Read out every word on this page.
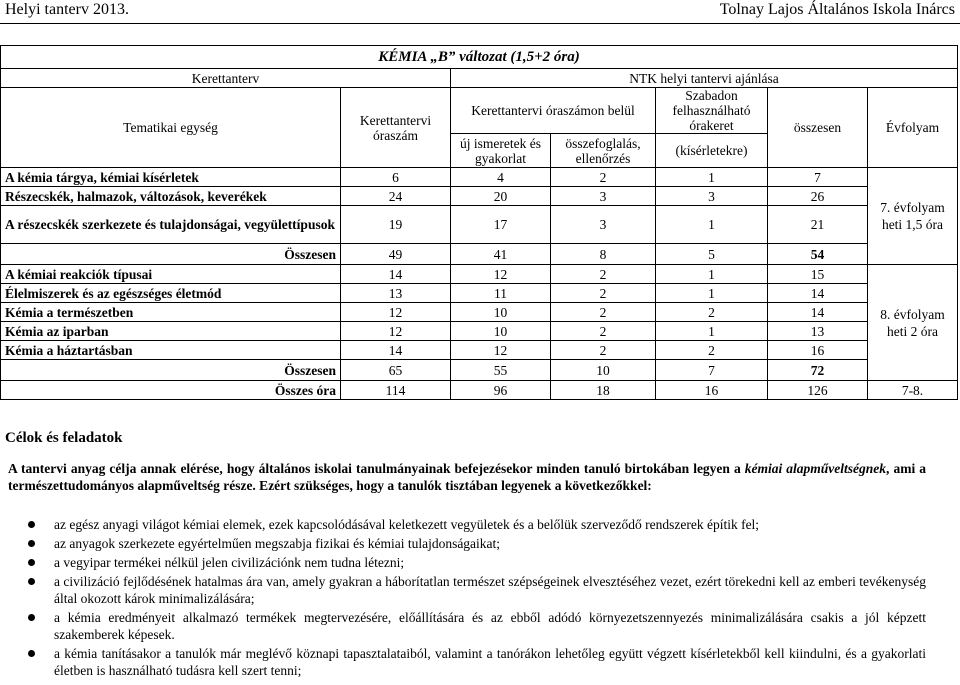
Helyi tanterv 2013.	Tolnay Lajos Általános Iskola Inárcs
KÉMIA „B” változat (1,5+2 óra)						
Kerettanterv		NTK helyi tantervi ajánlása				
Tematikai egység	Kerettantervi óraszám	Kerettantervi óraszámon belül		Szabadon felhasználható órakeret	összesen	Évfolyam
		új ismeretek és gyakorlat	összefoglalás, ellenőrzés	(kísérletekre)		

A kémia tárgya, kémiai kísérletek	6	4	2	1	7	7. évfolyam heti 1,5 óra
Részecskék, halmazok, változások, keverékek	24	20	3	3	26	
A részecskék szerkezete és tulajdonságai, vegyülettípusok	19	17	3	1	21	
Összesen	49	41	8	5	54	
A kémiai reakciók típusai	14	12	2	1	15	8. évfolyam heti 2 óra
Élelmiszerek és az egészséges életmód	13	11	2	1	14	
Kémia a természetben	12	10	2	2	14	
Kémia az iparban	12	10	2	1	13	
Kémia a háztartásban	14	12	2	2	16	
Összesen	65	55	10	7	72	
Összes óra	114	96	18	16	126	7-8.
Célok és feladatok
A tantervi anyag célja annak elérése, hogy általános iskolai tanulmányainak befejezésekor minden tanuló birtokában legyen a kémiai alapműveltségnek, ami a természettudományos alapműveltség része. Ezért szükséges, hogy a tanulók tisztában legyenek a következőkkel:
az egész anyagi világot kémiai elemek, ezek kapcsolódásával keletkezett vegyületek és a belőlük szerveződő rendszerek építik fel;
az anyagok szerkezete egyértelműen megszabja fizikai és kémiai tulajdonságaikat;
a vegyipar termékei nélkül jelen civilizációnk nem tudna létezni;
a civilizáció fejlődésének hatalmas ára van, amely gyakran a háborítatlan természet szépségeinek elvesztéséhez vezet, ezért törekedni kell az emberi tevékenység által okozott károk minimalizálására;
a kémia eredményeit alkalmazó termékek megtervezésére, előállítására és az ebből adódó környezetszennyezés minimalizálására csakis a jól képzett szakemberek képesek.
a kémia tanításakor a tanulók már meglévő köznapi tapasztalataiból, valamint a tanórákon lehetőleg együtt végzett kísérletekből kell kiindulni, és a gyakorlati életben is használható tudásra kell szert tenni;
